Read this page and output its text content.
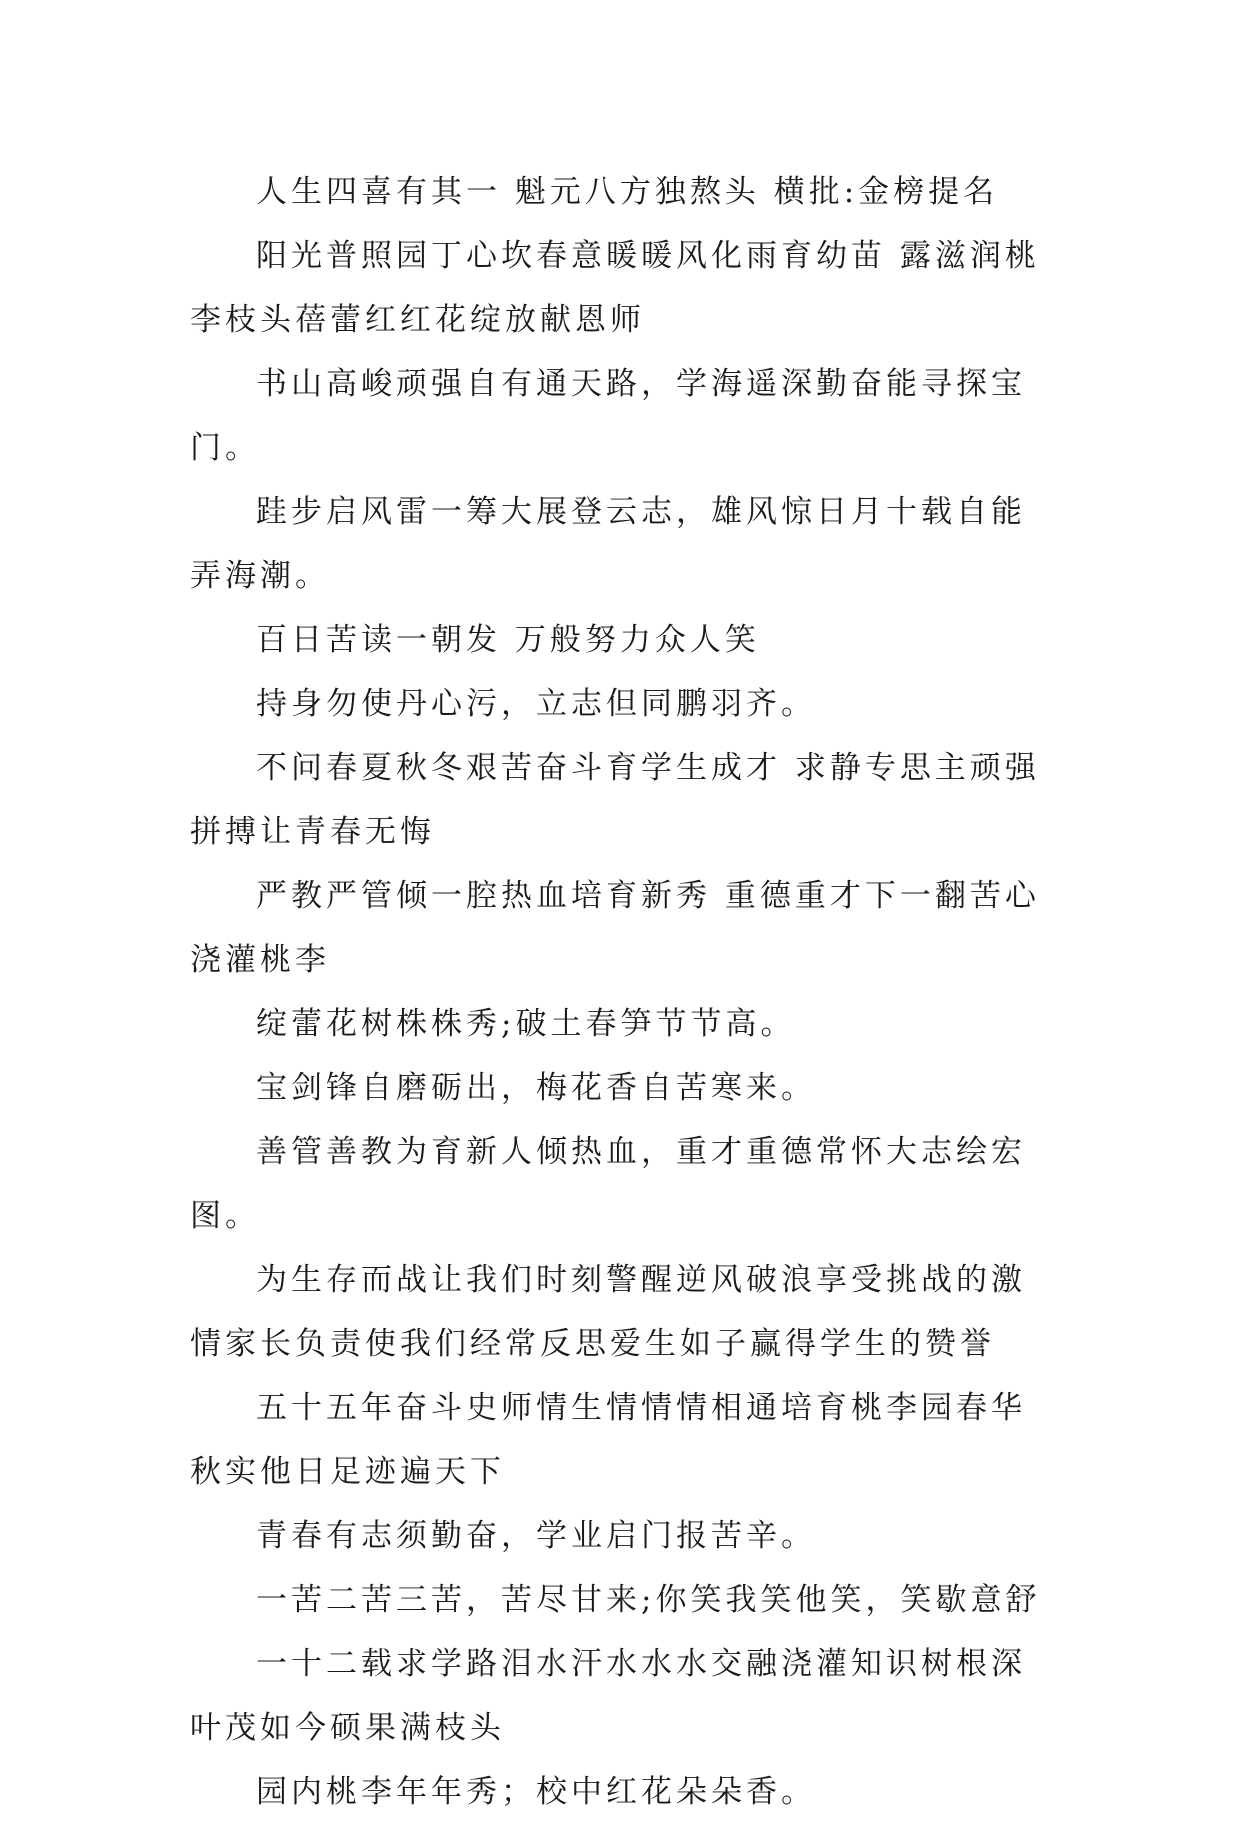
人生四喜有其一 魁元八方独熬头 横批:金榜提名

阳光普照园丁心坎春意暖暖风化雨育幼苗 露滋润桃李枝头蓓蕾红红花绽放献恩师

书山高峻顽强自有通天路，学海遥深勤奋能寻探宝门。

跬步启风雷一筹大展登云志，雄风惊日月十载自能弄海潮。

百日苦读一朝发 万般努力众人笑

持身勿使丹心污，立志但同鹏羽齐。

不问春夏秋冬艰苦奋斗育学生成才 求静专思主顽强拼搏让青春无悔

严教严管倾一腔热血培育新秀 重德重才下一翻苦心浇灌桃李

绽蕾花树株株秀;破土春笋节节高。

宝剑锋自磨砺出，梅花香自苦寒来。

善管善教为育新人倾热血，重才重德常怀大志绘宏图。

为生存而战让我们时刻警醒逆风破浪享受挑战的激情家长负责使我们经常反思爱生如子赢得学生的赞誉

五十五年奋斗史师情生情情情相通培育桃李园春华秋实他日足迹遍天下

青春有志须勤奋，学业启门报苦辛。

一苦二苦三苦，苦尽甘来;你笑我笑他笑，笑歇意舒

一十二载求学路泪水汗水水水交融浇灌知识树根深叶茂如今硕果满枝头

园内桃李年年秀；校中红花朵朵香。
